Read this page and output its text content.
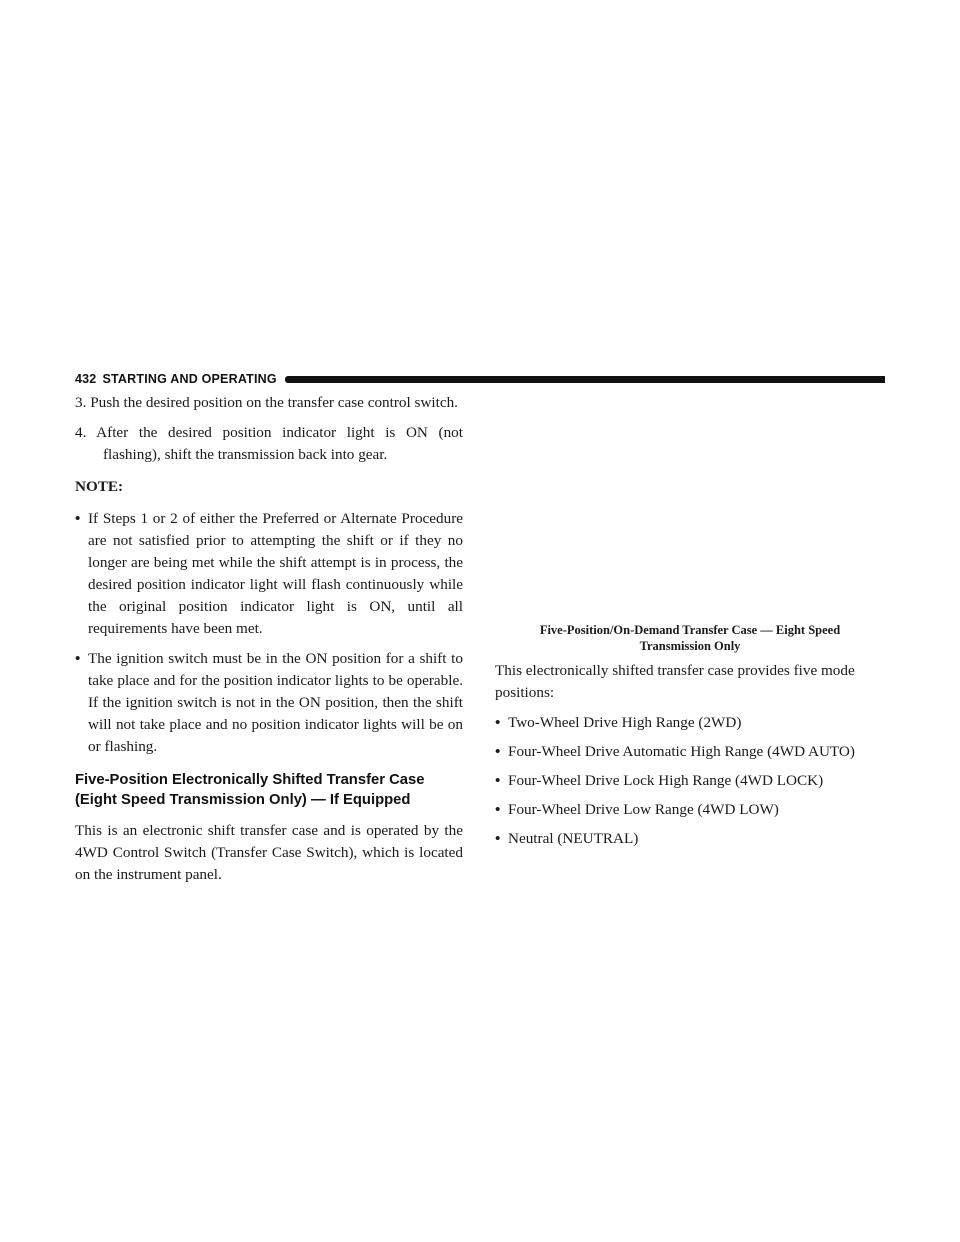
432 STARTING AND OPERATING

3. Push the desired position on the transfer case control switch.

4. After the desired position indicator light is ON (not flashing), shift the transmission back into gear.

NOTE:

• If Steps 1 or 2 of either the Preferred or Alternate Procedure are not satisfied prior to attempting the shift or if they no longer are being met while the shift attempt is in process, the desired position indicator light will flash continuously while the original position indicator light is ON, until all requirements have been met.
• The ignition switch must be in the ON position for a shift to take place and for the position indicator lights to be operable. If the ignition switch is not in the ON position, then the shift will not take place and no position indicator lights will be on or flashing.
Five-Position Electronically Shifted Transfer Case (Eight Speed Transmission Only) — If Equipped

This is an electronic shift transfer case and is operated by the 4WD Control Switch (Transfer Case Switch), which is located on the instrument panel.

Five-Position/On-Demand Transfer Case — Eight Speed Transmission Only

This electronically shifted transfer case provides five mode positions:

• Two-Wheel Drive High Range (2WD)
• Four-Wheel Drive Automatic High Range (4WD AUTO)
• Four-Wheel Drive Lock High Range (4WD LOCK)
• Four-Wheel Drive Low Range (4WD LOW)
• Neutral (NEUTRAL)
